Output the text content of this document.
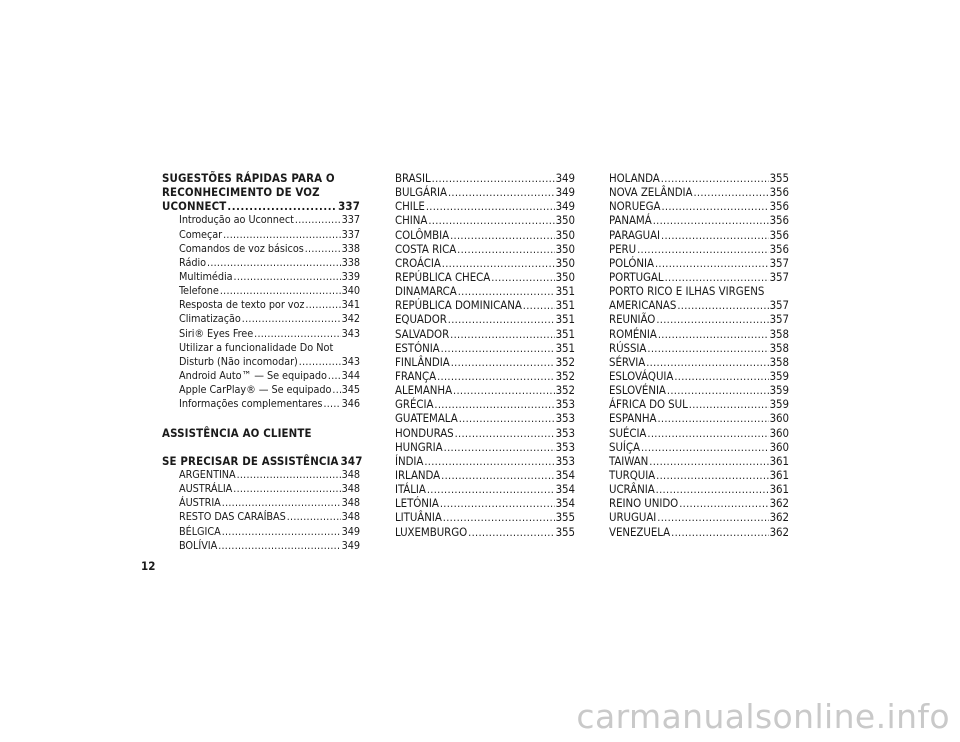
SUGESTÕES RÁPIDAS PARA O
RECONHECIMENTO DE VOZ
UCONNECT .....	337
Introdução ao Uconnect .....	337
Começar .....	337
Comandos de voz básicos .....	338
Rádio .....	338
Multimédia .....	339
Telefone .....	340
Resposta de texto por voz .....	341
Climatização .....	342
Siri® Eyes Free .....	343
Utilizar a funcionalidade Do Not
Disturb (Não incomodar) .....	343
Android Auto™ — Se equipado ..... 344
Apple CarPlay® — Se equipado ..... 345
Informações complementares ..... 346
ASSISTÊNCIA AO CLIENTE
SE PRECISAR DE ASSISTÊNCIA 347
ARGENTINA .....	348
AUSTRÁLIA .....	348
ÁUSTRIA .....	348
RESTO DAS CARAÍBAS .....	348
BÉLGICA .....	349
BOLÍVIA .....	349
BRASIL .....	349
BULGÁRIA .....	349
CHILE .....	349
CHINA .....	350
COLÔMBIA .....	350
COSTA RICA .....	350
CROÁCIA .....	350
REPÚBLICA CHECA .....	350
DINAMARCA .....	351
REPÚBLICA DOMINICANA .....	351
EQUADOR .....	351
SALVADOR .....	351
ESTÓNIA .....	351
FINLÂNDIA .....	352
FRANÇA .....	352
ALEMANHA .....	352
GRÉCIA .....	353
GUATEMALA .....	353
HONDURAS .....	353
HUNGRIA .....	353
ÍNDIA .....	353
IRLANDA .....	354
ITÁLIA .....	354
LETÓNIA .....	354
LITUÂNIA .....	355
LUXEMBURGO .....	355
HOLANDA .....	355
NOVA ZELÂNDIA .....	356
NORUEGA .....	356
PANAMÁ .....	356
PARAGUAI .....	356
PERU .....	356
POLÓNIA .....	357
PORTUGAL .....	357
PORTO RICO E ILHAS VIRGENS
AMERICANAS .....	357
REUNIÃO .....	357
ROMÉNIA .....	358
RÚSSIA .....	358
SÉRVIA .....	358
ESLOVÁQUIA .....	359
ESLOVÉNIA .....	359
ÁFRICA DO SUL .....	359
ESPANHA .....	360
SUÉCIA .....	360
SUÍÇA .....	360
TAIWAN .....	361
TURQUIA .....	361
UCRÂNIA .....	361
REINO UNIDO .....	362
URUGUAI .....	362
VENEZUELA .....	362
12
carmanualsonline.info
